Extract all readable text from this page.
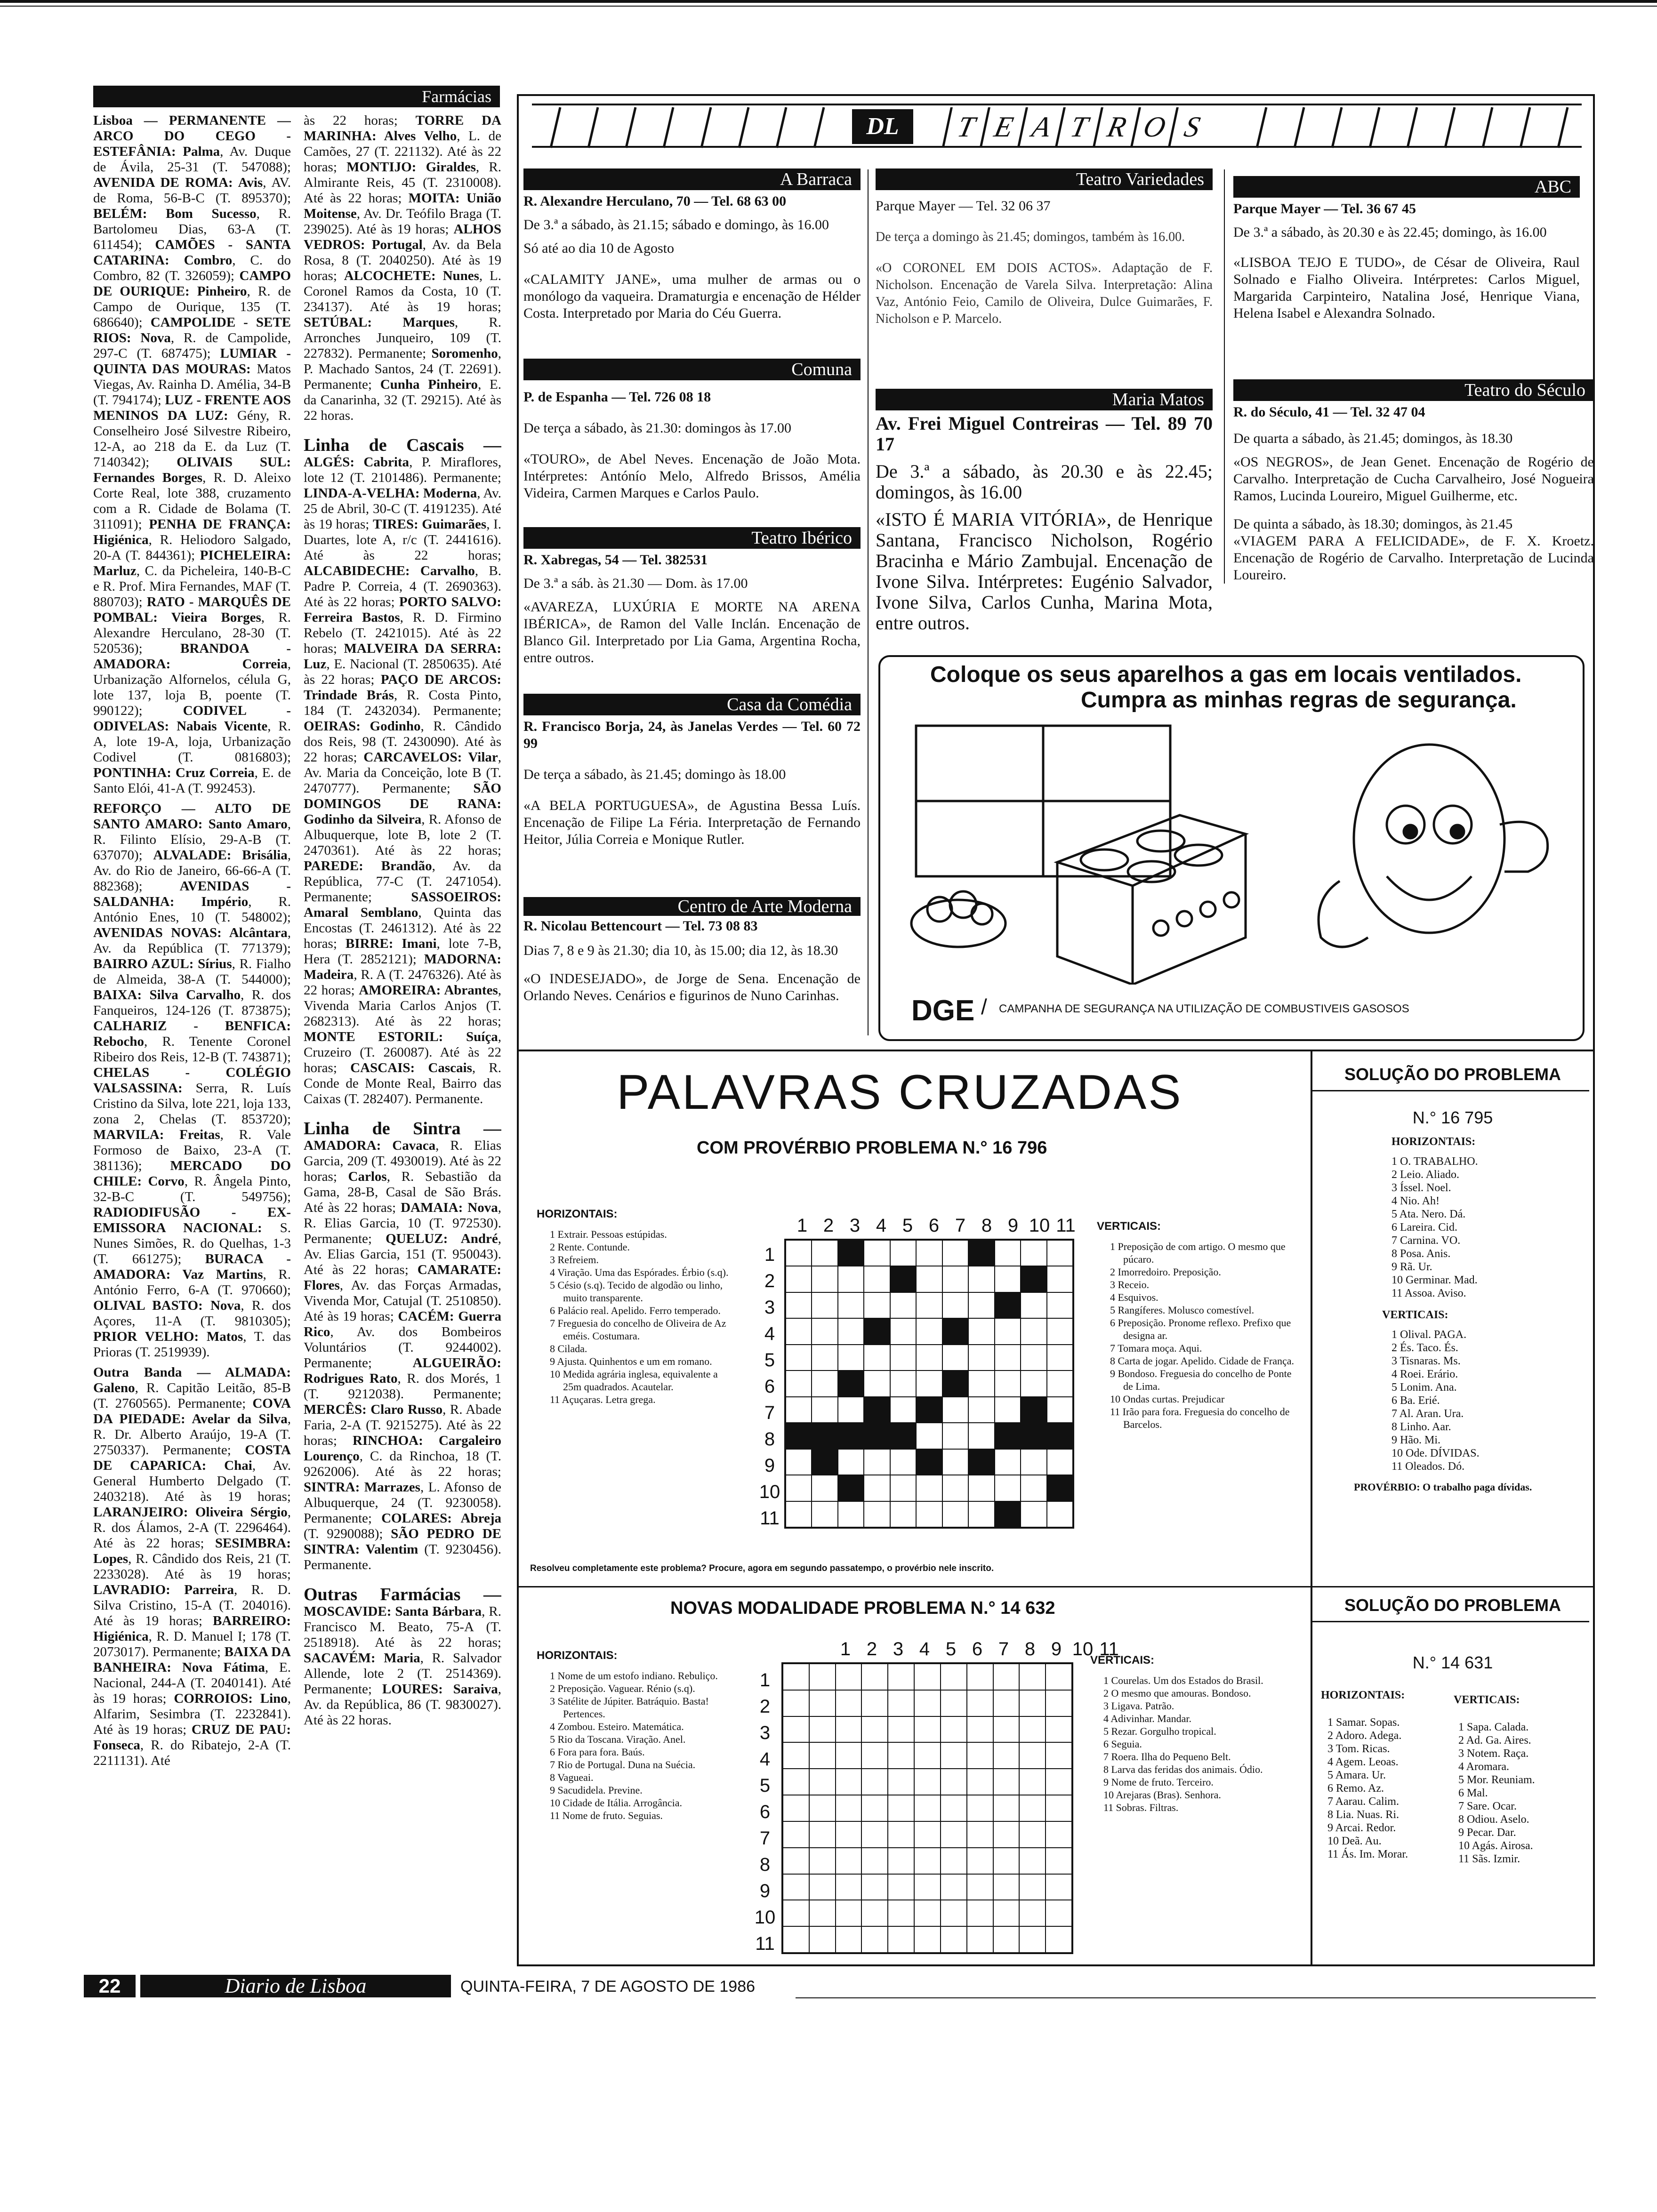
Farmácias

Lisboa — PERMANENTE — ARCO DO CEGO - ESTEFÂNIA: Palma, Av. Duque de Ávila, 25-31 (T. 547088); AVENIDA DE ROMA: Avis, AV. de Roma, 56-B-C (T. 895370); BELÉM: Bom Sucesso, R. Bartolomeu Dias, 63-A (T. 611454); CAMÕES - SANTA CATARINA: Combro, C. do Combro, 82 (T. 326059); CAMPO DE OURIQUE: Pinheiro, R. de Campo de Ourique, 135 (T. 686640); CAMPOLIDE - SETE RIOS: Nova, R. de Campolide, 297-C (T. 687475); LUMIAR - QUINTA DAS MOURAS: Matos Viegas, Av. Rainha D. Amélia, 34-B (T. 794174); LUZ - FRENTE AOS MENINOS DA LUZ: Gény, R. Conselheiro José Silvestre Ribeiro, 12-A, ao 218 da E. da Luz (T. 7140342); OLIVAIS SUL: Fernandes Borges, R. D. Aleixo Corte Real, lote 388, cruzamento com a R. Cidade de Bolama (T. 311091); PENHA DE FRANÇA: Higiénica, R. Heliodoro Salgado, 20-A (T. 844361); PICHELEIRA: Marluz, C. da Picheleira, 140-B-C e R. Prof. Mira Fernandes, MAF (T. 880703); RATO - MARQUÊS DE POMBAL: Vieira Borges, R. Alexandre Herculano, 28-30 (T. 520536); BRANDOA - AMADORA: Correia, Urbanização Alfornelos, célula G, lote 137, loja B, poente (T. 990122); CODIVEL - ODIVELAS: Nabais Vicente, R. A, lote 19-A, loja, Urbanização Codivel (T. 0816803); PONTINHA: Cruz Correia, E. de Santo Elói, 41-A (T. 992453).

REFORÇO — ALTO DE SANTO AMARO: Santo Amaro, R. Filinto Elísio, 29-A-B (T. 637070); ALVALADE: Brisália, Av. do Rio de Janeiro, 66-66-A (T. 882368); AVENIDAS - SALDANHA: Império, R. António Enes, 10 (T. 548002); AVENIDAS NOVAS: Alcântara, Av. da República (T. 771379); BAIRRO AZUL: Sírius, R. Fialho de Almeida, 38-A (T. 544000); BAIXA: Silva Carvalho, R. dos Fanqueiros, 124-126 (T. 873875); CALHARIZ - BENFICA: Rebocho, R. Tenente Coronel Ribeiro dos Reis, 12-B (T. 743871); CHELAS - COLÉGIO VALSASSINA: Serra, R. Luís Cristino da Silva, lote 221, loja 133, zona 2, Chelas (T. 853720); MARVILA: Freitas, R. Vale Formoso de Baixo, 23-A (T. 381136); MERCADO DO CHILE: Corvo, R. Ângela Pinto, 32-B-C (T. 549756); RADIODIFUSÃO - EX-EMISSORA NACIONAL: S. Nunes Simões, R. do Quelhas, 1-3 (T. 661275); BURACA - AMADORA: Vaz Martins, R. António Ferro, 6-A (T. 970660); OLIVAL BASTO: Nova, R. dos Açores, 11-A (T. 9810305); PRIOR VELHO: Matos, T. das Prioras (T. 2519939).

Outra Banda — ALMADA: Galeno, R. Capitão Leitão, 85-B (T. 2760565). Permanente; COVA DA PIEDADE: Avelar da Silva, R. Dr. Alberto Araújo, 19-A (T. 2750337). Permanente; COSTA DE CAPARICA: Chai, Av. General Humberto Delgado (T. 2403218). Até às 19 horas; LARANJEIRO: Oliveira Sérgio, R. dos Álamos, 2-A (T. 2296464). Até às 22 horas; SESIMBRA: Lopes, R. Cândido dos Reis, 21 (T. 2233028). Até às 19 horas; LAVRADIO: Parreira, R. D. Silva Cristino, 15-A (T. 204016). Até às 19 horas; BARREIRO: Higiénica, R. D. Manuel I; 178 (T. 2073017). Permanente; BAIXA DA BANHEIRA: Nova Fátima, E. Nacional, 244-A (T. 2040141). Até às 19 horas; CORROIOS: Lino, Alfarim, Sesimbra (T. 2232841). Até às 19 horas; CRUZ DE PAU: Fonseca, R. do Ribatejo, 2-A (T. 2211131). Até

às 22 horas; TORRE DA MARINHA: Alves Velho, L. de Camões, 27 (T. 221132). Até às 22 horas; MONTIJO: Giraldes, R. Almirante Reis, 45 (T. 2310008). Até às 22 horas; MOITA: União Moitense, Av. Dr. Teófilo Braga (T. 239025). Até às 19 horas; ALHOS VEDROS: Portugal, Av. da Bela Rosa, 8 (T. 2040250). Até às 19 horas; ALCOCHETE: Nunes, L. Coronel Ramos da Costa, 10 (T. 234137). Até às 19 horas; SETÚBAL: Marques, R. Arronches Junqueiro, 109 (T. 227832). Permanente; Soromenho, P. Machado Santos, 24 (T. 22691). Permanente; Cunha Pinheiro, E. da Canarinha, 32 (T. 29215). Até às 22 horas.

Linha de Cascais — ALGÉS: Cabrita, P. Miraflores, lote 12 (T. 2101486). Permanente; LINDA-A-VELHA: Moderna, Av. 25 de Abril, 30-C (T. 4191235). Até às 19 horas; TIRES: Guimarães, I. Duartes, lote A, r/c (T. 2441616). Até às 22 horas; ALCABIDECHE: Carvalho, B. Padre P. Correia, 4 (T. 2690363). Até às 22 horas; PORTO SALVO: Ferreira Bastos, R. D. Firmino Rebelo (T. 2421015). Até às 22 horas; MALVEIRA DA SERRA: Luz, E. Nacional (T. 2850635). Até às 22 horas; PAÇO DE ARCOS: Trindade Brás, R. Costa Pinto, 184 (T. 2432034). Permanente; OEIRAS: Godinho, R. Cândido dos Reis, 98 (T. 2430090). Até às 22 horas; CARCAVELOS: Vilar, Av. Maria da Conceição, lote B (T. 2470777). Permanente; SÃO DOMINGOS DE RANA: Godinho da Silveira, R. Afonso de Albuquerque, lote B, lote 2 (T. 2470361). Até às 22 horas; PAREDE: Brandão, Av. da República, 77-C (T. 2471054). Permanente; SASSOEIROS: Amaral Semblano, Quinta das Encostas (T. 2461312). Até às 22 horas; BIRRE: Imani, lote 7-B, Hera (T. 2852121); MADORNA: Madeira, R. A (T. 2476326). Até às 22 horas; AMOREIRA: Abrantes, Vivenda Maria Carlos Anjos (T. 2682313). Até às 22 horas; MONTE ESTORIL: Suíça, Cruzeiro (T. 260087). Até às 22 horas; CASCAIS: Cascais, R. Conde de Monte Real, Bairro das Caixas (T. 282407). Permanente.

Linha de Sintra — AMADORA: Cavaca, R. Elias Garcia, 209 (T. 4930019). Até às 22 horas; Carlos, R. Sebastião da Gama, 28-B, Casal de São Brás. Até às 22 horas; DAMAIA: Nova, R. Elias Garcia, 10 (T. 972530). Permanente; QUELUZ: André, Av. Elias Garcia, 151 (T. 950043). Até às 22 horas; CAMARATE: Flores, Av. das Forças Armadas, Vivenda Mor, Catujal (T. 2510850). Até às 19 horas; CACÉM: Guerra Rico, Av. dos Bombeiros Voluntários (T. 9244002). Permanente; ALGUEIRÃO: Rodrigues Rato, R. dos Morés, 1 (T. 9212038). Permanente; MERCÊS: Claro Russo, R. Abade Faria, 2-A (T. 9215275). Até às 22 horas; RINCHOA: Cargaleiro Lourenço, C. da Rinchoa, 18 (T. 9262006). Até às 22 horas; SINTRA: Marrazes, L. Afonso de Albuquerque, 24 (T. 9230058). Permanente; COLARES: Abreja (T. 9290088); SÃO PEDRO DE SINTRA: Valentim (T. 9230456). Permanente.

Outras Farmácias — MOSCAVIDE: Santa Bárbara, R. Francisco M. Beato, 75-A (T. 2518918). Até às 22 horas; SACAVÉM: Maria, R. Salvador Allende, lote 2 (T. 2514369). Permanente; LOURES: Saraiva, Av. da República, 86 (T. 9830027). Até às 22 horas.

DL	T E A T R O S
A Barraca
R. Alexandre Herculano, 70 — Tel. 68 63 00
De 3.ª a sábado, às 21.15; sábado e domingo, às 16.00
Só até ao dia 10 de Agosto
«CALAMITY JANE», uma mulher de armas ou o monólogo da vaqueira. Dramaturgia e encenação de Hélder Costa. Interpretado por Maria do Céu Guerra.
Comuna
P. de Espanha — Tel. 726 08 18
De terça a sábado, às 21.30: domingos às 17.00
«TOURO», de Abel Neves. Encenação de João Mota. Intérpretes: Antónío Melo, Alfredo Brissos, Amélia Videira, Carmen Marques e Carlos Paulo.
Teatro Ibérico
R. Xabregas, 54 — Tel. 382531
De 3.ª a sáb. às 21.30 — Dom. às 17.00
«AVAREZA, LUXÚRIA E MORTE NA ARENA IBÉRICA», de Ramon del Valle Inclán. Encenação de Blanco Gil. Interpretado por Lia Gama, Argentina Rocha, entre outros.
Casa da Comédia
R. Francisco Borja, 24, às Janelas Verdes — Tel. 60 72 99
De terça a sábado, às 21.45; domingo às 18.00
«A BELA PORTUGUESA», de Agustina Bessa Luís. Encenação de Filipe La Féria. Interpretação de Fernando Heitor, Júlia Correia e Monique Rutler.
Centro de Arte Moderna
R. Nicolau Bettencourt — Tel. 73 08 83
Dias 7, 8 e 9 às 21.30; dia 10, às 15.00; dia 12, às 18.30
«O INDESEJADO», de Jorge de Sena. Encenação de Orlando Neves. Cenários e figurinos de Nuno Carinhas.
Teatro Variedades
Parque Mayer — Tel. 32 06 37
De terça a domingo às 21.45; domingos, também às 16.00.
«O CORONEL EM DOIS ACTOS». Adaptação de F. Nicholson. Encenação de Varela Silva. Interpretação: Alina Vaz, António Feio, Camilo de Oliveira, Dulce Guimarães, F. Nicholson e P. Marcelo.
Maria Matos
Av. Frei Miguel Contreiras — Tel. 89 70 17
De 3.ª a sábado, às 20.30 e às 22.45; domingos, às 16.00
«ISTO É MARIA VITÓRIA», de Henrique Santana, Francisco Nicholson, Rogério Bracinha e Mário Zambujal. Encenação de Ivone Silva. Intérpretes: Eugénio Salvador, Ivone Silva, Carlos Cunha, Marina Mota, entre outros.
ABC
Parque Mayer — Tel. 36 67 45
De 3.ª a sábado, às 20.30 e às 22.45; domingo, às 16.00
«LISBOA TEJO E TUDO», de César de Oliveira, Raul Solnado e Fialho Oliveira. Intérpretes: Carlos Miguel, Margarida Carpinteiro, Natalina José, Henrique Viana, Helena Isabel e Alexandra Solnado.
Teatro do Século
R. do Século, 41 — Tel. 32 47 04
De quarta a sábado, às 21.45; domingos, às 18.30
«OS NEGROS», de Jean Genet. Encenação de Rogério de Carvalho. Interpretação de Cucha Carvalheiro, José Nogueira Ramos, Lucinda Loureiro, Miguel Guilherme, etc.
De quinta a sábado, às 18.30; domingos, às 21.45
«VIAGEM PARA A FELICIDADE», de F. X. Kroetz. Encenação de Rogério de Carvalho. Interpretação de Lucinda Loureiro.
Coloque os seus aparelhos a gas em locais ventilados.
Cumpra as minhas regras de segurança.
DGE / CAMPANHA DE SEGURANÇA NA UTILIZAÇÃO DE COMBUSTIVEIS GASOSOS
PALAVRAS CRUZADAS
COM PROVÉRBIO PROBLEMA N.° 16 796
HORIZONTAIS:
1 Extrair. Pessoas estúpidas.
2 Rente. Contunde.
3 Refreiem.
4 Viração. Uma das Espórades. Érbio (s.q).
5 Césio (s.q). Tecido de algodão ou linho, muito transparente.
6 Palácio real. Apelido. Ferro temperado.
7 Freguesia do concelho de Oliveira de Az eméis. Costumara.
8 Cilada.
9 Ajusta. Quinhentos e um em romano.
10 Medida agrária inglesa, equivalente a 25m quadrados. Acautelar.
11 Açuçaras. Letra grega.
1 2 3 4 5 6 7 8 9 10 11
1
2
3
4
5
6
7
8
9
10
11
VERTICAIS:
1 Preposição de com artigo. O mesmo que púcaro.
2 Imorredoiro. Preposição.
3 Receio.
4 Esquivos.
5 Rangíferes. Molusco comestível.
6 Preposição. Pronome reflexo. Prefixo que designa ar.
7 Tomara moça. Aqui.
8 Carta de jogar. Apelido. Cidade de França.
9 Bondoso. Freguesia do concelho de Ponte de Lima.
10 Ondas curtas. Prejudicar
11 Irão para fora. Freguesia do concelho de Barcelos.
Resolveu completamente este problema? Procure, agora em segundo passatempo, o provérbio nele inscrito.
NOVAS MODALIDADE PROBLEMA N.° 14 632
HORIZONTAIS:
1 Nome de um estofo indiano. Rebuliço.
2 Preposição. Vaguear. Rénio (s.q).
3 Satélite de Júpiter. Batráquio. Basta! Pertences.
4 Zombou. Esteiro. Matemática.
5 Rio da Toscana. Viração. Anel.
6 Fora para fora. Baús.
7 Rio de Portugal. Duna na Suécia.
8 Vagueai.
9 Sacudidela. Previne.
10 Cidade de Itália. Arrogância.
11 Nome de fruto. Seguias.
1 2 3 4 5 6 7 8 9 10 11
1
2
3
4
5
6
7
8
9
10
11
VERTICAIS:
1 Courelas. Um dos Estados do Brasil.
2 O mesmo que amouras. Bondoso.
3 Ligava. Patrão.
4 Adivinhar. Mandar.
5 Rezar. Gorgulho tropical.
6 Seguia.
7 Roera. Ilha do Pequeno Belt.
8 Larva das feridas dos animais. Ódio.
9 Nome de fruto. Terceiro.
10 Arejaras (Bras). Senhora.
11 Sobras. Filtras.
SOLUÇÃO DO PROBLEMA
N.° 16 795
HORIZONTAIS:
1 O. TRABALHO.
2 Leio. Aliado.
3 Íssel. Noel.
4 Nio. Ah!
5 Ata. Nero. Dá.
6 Lareira. Cid.
7 Carnina. VO.
8 Posa. Anis.
9 Rã. Ur.
10 Germinar. Mad.
11 Assoa. Aviso.
VERTICAIS:
1 Olival. PAGA.
2 És. Taco. És.
3 Tisnaras. Ms.
4 Roei. Erário.
5 Lonim. Ana.
6 Ba. Erié.
7 Al. Aran. Ura.
8 Linho. Aar.
9 Hão. Mi.
10 Ode. DÍVIDAS.
11 Oleados. Dó.
PROVÉRBIO: O trabalho paga dívidas.
SOLUÇÃO DO PROBLEMA
N.° 14 631
HORIZONTAIS:
1 Samar. Sopas.
2 Adoro. Adega.
3 Tom. Ricas.
4 Agem. Leoas.
5 Amara. Ur.
6 Remo. Az.
7 Aarau. Calim.
8 Lia. Nuas. Ri.
9 Arcai. Redor.
10 Deã. Au.
11 Ás. Im. Morar.
VERTICAIS:
1 Sapa. Calada.
2 Ad. Ga. Aires.
3 Notem. Raça.
4 Aromara.
5 Mor. Reuniam.
6 Mal.
7 Sare. Ocar.
8 Odiou. Aselo.
9 Pecar. Dar.
10 Agás. Airosa.
11 Sãs. Izmir.
22	Diario de Lisboa	QUINTA-FEIRA, 7 DE AGOSTO DE 1986
